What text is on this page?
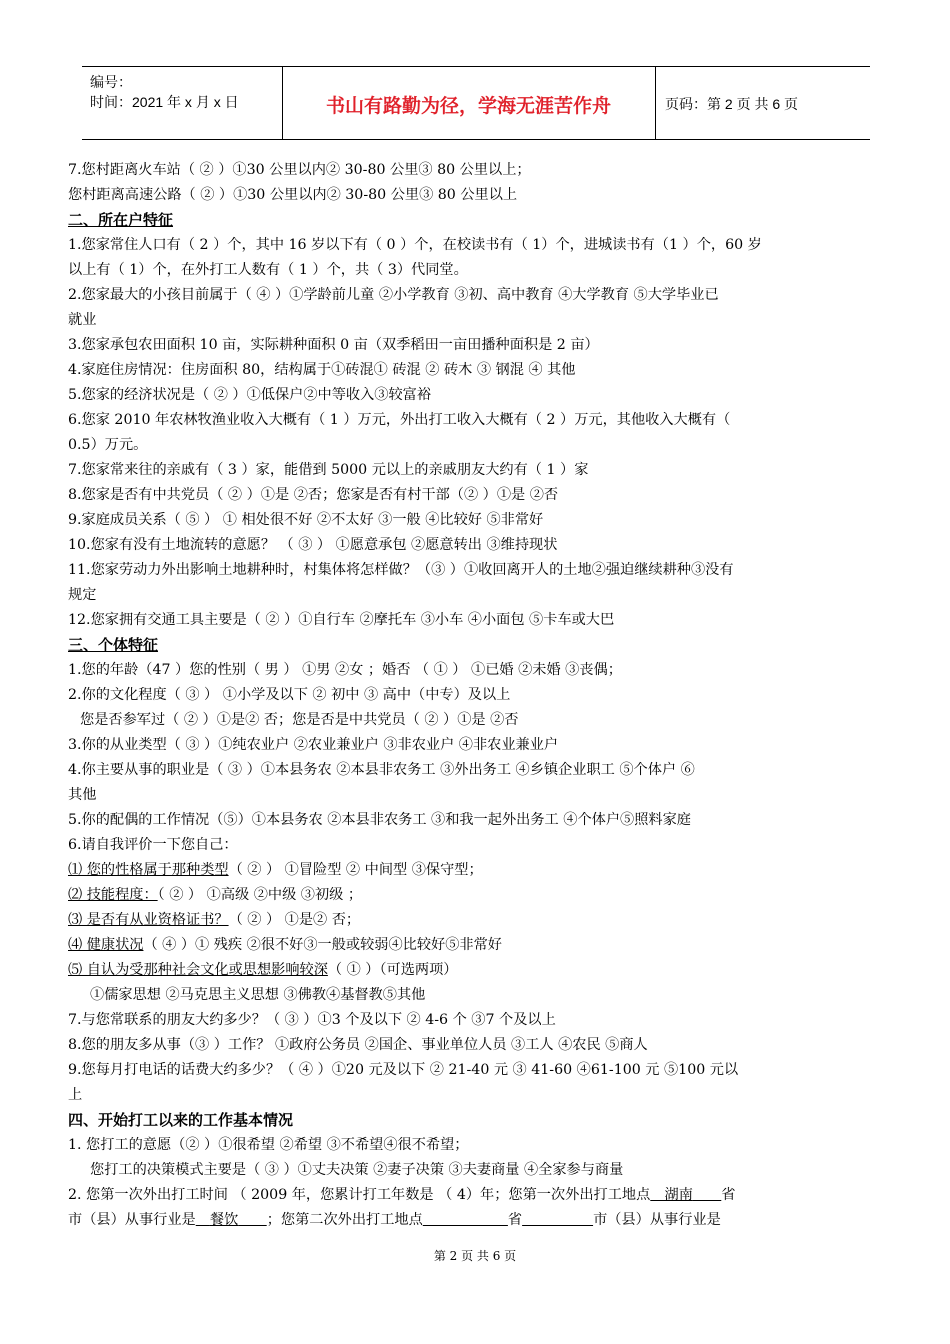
编号：
时间：2021 年 x 月 x 日	书山有路勤为径，学海无涯苦作舟	页码：第 2 页 共 6 页
7.您村距离火车站（ ② ）①30 公里以内② 30-80 公里③ 80 公里以上；
您村距离高速公路（ ② ）①30 公里以内② 30-80 公里③ 80 公里以上
二、所在户特征
1.您家常住人口有（ 2 ）个，其中 16 岁以下有（ 0 ）个，在校读书有（ 1）个，进城读书有（1 ）个，60 岁
以上有（ 1）个，在外打工人数有（ 1 ）个，共（ 3）代同堂。
2.您家最大的小孩目前属于（ ④ ）①学龄前儿童 ②小学教育 ③初、高中教育 ④大学教育 ⑤大学毕业已
就业
3.您家承包农田面积 10 亩，实际耕种面积 0 亩（双季稻田一亩田播种面积是 2 亩）
4.家庭住房情况：住房面积 80，结构属于①砖混① 砖混 ② 砖木 ③ 钢混 ④ 其他
5.您家的经济状况是（ ② ）①低保户②中等收入③较富裕
6.您家 2010 年农林牧渔业收入大概有（ 1 ）万元，外出打工收入大概有（ 2 ）万元，其他收入大概有（
0.5）万元。
7.您家常来往的亲戚有（ 3 ）家，能借到 5000 元以上的亲戚朋友大约有（ 1 ）家
8.您家是否有中共党员（ ② ）①是 ②否；您家是否有村干部（② ）①是 ②否
9.家庭成员关系（ ⑤ ） ① 相处很不好 ②不太好 ③一般 ④比较好 ⑤非常好
10.您家有没有土地流转的意愿？ （ ③ ） ①愿意承包 ②愿意转出 ③维持现状
11.您家劳动力外出影响土地耕种时，村集体将怎样做？（③ ）①收回离开人的土地②强迫继续耕种③没有
规定
12.您家拥有交通工具主要是（ ② ）①自行车 ②摩托车 ③小车 ④小面包 ⑤卡车或大巴
三、个体特征
1.您的年龄（47 ）您的性别（ 男 ） ①男 ②女 ；婚否 （ ① ） ①已婚 ②未婚 ③丧偶；
2.你的文化程度（ ③ ） ①小学及以下 ② 初中 ③ 高中（中专）及以上
您是否参军过（ ② ）①是② 否；您是否是中共党员（ ② ）①是 ②否
3.你的从业类型（ ③ ）①纯农业户 ②农业兼业户 ③非农业户 ④非农业兼业户
4.你主要从事的职业是（ ③ ）①本县务农 ②本县非农务工 ③外出务工 ④乡镇企业职工 ⑤个体户 ⑥
其他
5.你的配偶的工作情况（⑤）①本县务农 ②本县非农务工 ③和我一起外出务工 ④个体户⑤照料家庭
6.请自我评价一下您自己：
⑴ 您的性格属于那种类型（ ② ） ①冒险型 ② 中间型 ③保守型；
⑵ 技能程度：（ ② ） ①高级 ②中级 ③初级 ；
⑶ 是否有从业资格证书？（ ② ） ①是② 否；
⑷ 健康状况（ ④ ）① 残疾 ②很不好③一般或较弱④比较好⑤非常好
⑸ 自认为受那种社会文化或思想影响较深（ ① ）（可选两项）
①儒家思想 ②马克思主义思想 ③佛教④基督教⑤其他
7.与您常联系的朋友大约多少？（ ③ ）①3 个及以下 ② 4-6 个 ③7 个及以上
8.您的朋友多从事（③ ）工作？ ①政府公务员 ②国企、事业单位人员 ③工人 ④农民 ⑤商人
9.您每月打电话的话费大约多少？（ ④ ）①20 元及以下 ② 21-40 元 ③ 41-60 ④61-100 元 ⑤100 元以
上
四、开始打工以来的工作基本情况
1. 您打工的意愿（② ）①很希望 ②希望 ③不希望④很不希望；
您打工的决策模式主要是（ ③ ）①丈夫决策 ②妻子决策 ③夫妻商量 ④全家参与商量
2. 您第一次外出打工时间 （ 2009 年，您累计打工年数是 （ 4）年；您第一次外出打工地点　 湖南　　 省
市（县）从事行业是　 餐饮　　 ；您第二次外出打工地点　　　　　　	省　　　　　	市（县）从事行业是
第 2 页 共 6 页
